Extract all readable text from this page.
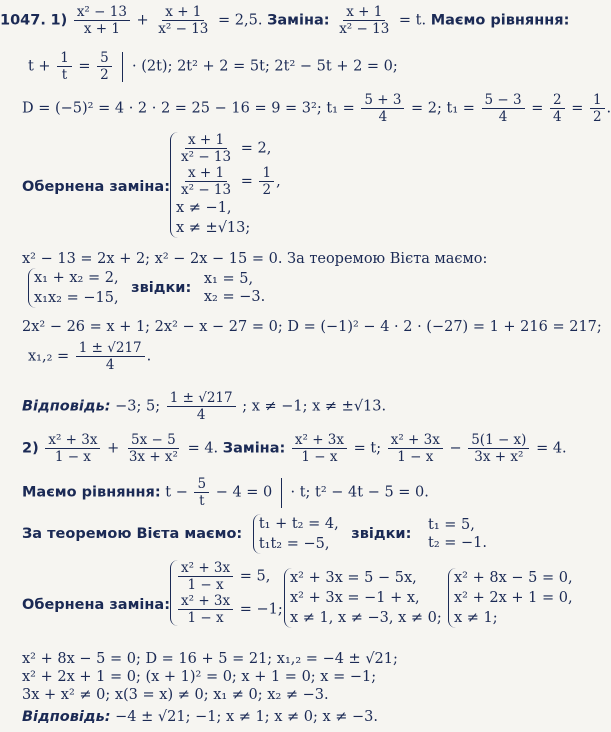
1047. $1) \frac{\text{x² − 13}}{x + 1} + \frac{x + 1}{\text{x² − 13}} = 2,5$. Заміна: $\frac{x + 1}{\text{x² − 13}} = t$. Маємо рівняння:
$t + \frac{1}{t} = \frac{5}{2} \cdot (2t)$; 2t² + 2 = 5t; 2t² − 5t + 2 = 0;
D = (−5)² = 4 · 2 · 2 = 25 − 16 = 9 = 3²; $t_1 = \frac{5 + 3}{4} = 2$; $t_1 = \frac{5 - 3}{4} = \frac{2}{4} = \frac{1}{2}$ .
Обернена заміна:
$\frac{x + 1}{\text{x² − 13}} = 2$,
$\frac{x + 1}{\text{x² − 13}} = \frac{1}{2}$ ,
x ≠ −1,
x ≠ ±√13;
x² − 13 = 2x + 2; x² − 2x − 15 = 0. За теоремою Вієта маємо:
x₁ + x₂ = 2,
x₁x₂ = −15,
звідки:
x₁ = 5,
x₂ = −3.
2x² − 26 = x + 1; 2x² − x − 27 = 0; D = (−1)² − 4 · 2 · (−27) = 1 + 216 = 217;
$x_1,_2 = \frac{1 \pm √217}{4}$ .
Відповідь: −3; 5; $\frac{1 \pm √217}{4}$ ; x ≠ −1; x ≠ ±√13.
$2) \frac{\text{x² + 3x}}{1 - x} + \frac{5x - 5}{\text{3x + x²}} = 4$. Заміна: $\frac{\text{x² + 3x}}{1 - x} = t$; $\frac{\text{x² + 3x}}{1 - x} - \frac{5(1 - x)}{\text{3x + x²}} = 4$.
Маємо рівняння: $t - \frac{5}{t} - 4 = 0 \cdot t$; t² − 4t − 5 = 0.
За теоремою Вієта маємо:
t₁ + t₂ = 4,
t₁t₂ = −5,
звідки:
t₁ = 5,
t₂ = −1.
Обернена заміна:
$\frac{\text{x² + 3x}}{1 - x} = 5$,
$\frac{\text{x² + 3x}}{1 - x} = -1$;
x² + 3x = 5 − 5x,
x² + 3x = −1 + x,
x ≠ 1, x ≠ −3, x ≠ 0;
x² + 8x − 5 = 0,
x² + 2x + 1 = 0,
x ≠ 1;
x² + 8x − 5 = 0; D = 16 + 5 = 21; x₁,₂ = −4 ± √21;
x² + 2x + 1 = 0; (x + 1)² = 0; x + 1 = 0; x = −1;
3x + x² ≠ 0; x(3 = x) ≠ 0; x₁ ≠ 0; x₂ ≠ −3.
Відповідь: −4 ± √21; −1; x ≠ 1; x ≠ 0; x ≠ −3.
